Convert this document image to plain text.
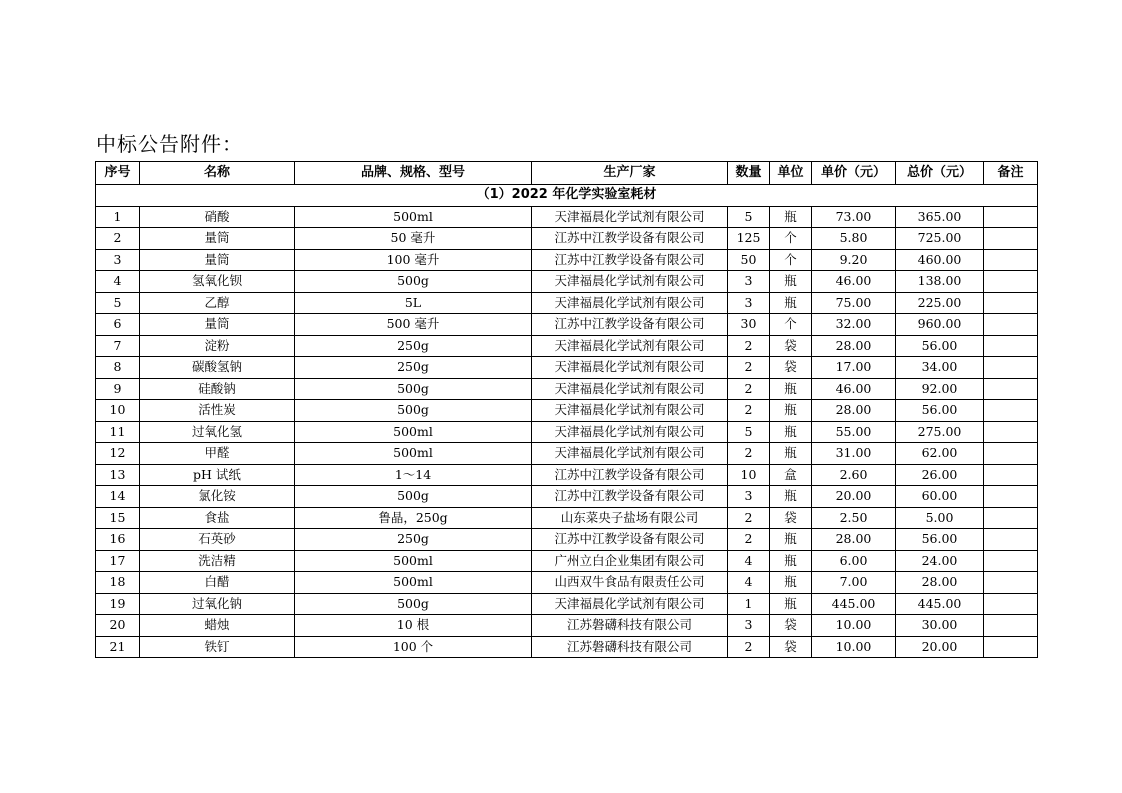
中标公告附件：
序号	名称	品牌、规格、型号	生产厂家	数量	单位	单价（元）	总价（元）	备注
（1）2022 年化学实验室耗材								
1	硝酸	500ml	天津福晨化学试剂有限公司	5	瓶	73.00	365.00	
2	量筒	50 毫升	江苏中江教学设备有限公司	125	个	5.80	725.00	
3	量筒	100 毫升	江苏中江教学设备有限公司	50	个	9.20	460.00	
4	氢氧化钡	500g	天津福晨化学试剂有限公司	3	瓶	46.00	138.00	
5	乙醇	5L	天津福晨化学试剂有限公司	3	瓶	75.00	225.00	
6	量筒	500 毫升	江苏中江教学设备有限公司	30	个	32.00	960.00	
7	淀粉	250g	天津福晨化学试剂有限公司	2	袋	28.00	56.00	
8	碳酸氢钠	250g	天津福晨化学试剂有限公司	2	袋	17.00	34.00	
9	硅酸钠	500g	天津福晨化学试剂有限公司	2	瓶	46.00	92.00	
10	活性炭	500g	天津福晨化学试剂有限公司	2	瓶	28.00	56.00	
11	过氧化氢	500ml	天津福晨化学试剂有限公司	5	瓶	55.00	275.00	
12	甲醛	500ml	天津福晨化学试剂有限公司	2	瓶	31.00	62.00	
13	pH 试纸	1～14	江苏中江教学设备有限公司	10	盒	2.60	26.00	
14	氯化铵	500g	江苏中江教学设备有限公司	3	瓶	20.00	60.00	
15	食盐	鲁晶，250g	山东菜央子盐场有限公司	2	袋	2.50	5.00	
16	石英砂	250g	江苏中江教学设备有限公司	2	瓶	28.00	56.00	
17	洗洁精	500ml	广州立白企业集团有限公司	4	瓶	6.00	24.00	
18	白醋	500ml	山西双牛食品有限责任公司	4	瓶	7.00	28.00	
19	过氧化钠	500g	天津福晨化学试剂有限公司	1	瓶	445.00	445.00	
20	蜡烛	10 根	江苏磐礴科技有限公司	3	袋	10.00	30.00	
21	铁钉	100 个	江苏磐礴科技有限公司	2	袋	10.00	20.00	
